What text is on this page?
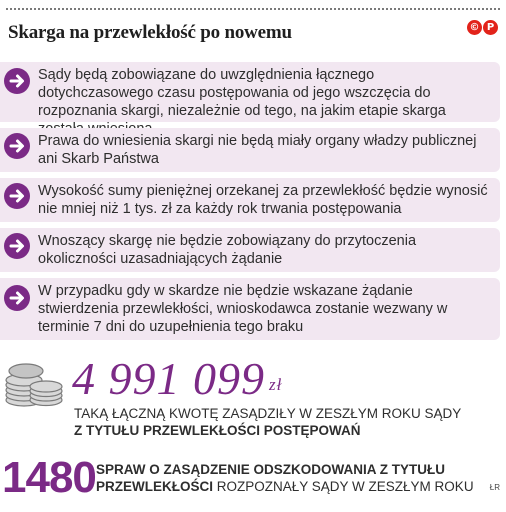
Skarga na przewlekłość po nowemu	© P
Sądy będą zobowiązane do uwzględnienia łącznego dotychczasowego czasu postępowania od jego wszczęcia do rozpoznania skargi, niezależnie od tego, na jakim etapie skarga
Prawa do wniesienia skargi nie będą miały organy władzy publicznej ani Skarb Państwa
Wysokość sumy pieniężnej orzekanej za przewlekłość będzie wynosić nie mniej niż 1 tys. zł za każdy rok trwania postępowania
Wnoszący skargę nie będzie zobowiązany do przytoczenia okoliczności uzasadniających żądanie
W przypadku gdy w skardze nie będzie wskazane żądanie stwierdzenia przewlekłości, wnioskodawca zostanie wezwany w terminie 7 dni do uzupełnienia tego braku
4 991 099 $^{zł}$
TAKĄ ŁĄCZNĄ KWOTĘ ZASĄDZIŁY W ZESZŁYM ROKU SĄDY
Z TYTUŁU PRZEWLEKŁOŚCI POSTĘPOWAŃ
1480 SPRAW O ZASĄDZENIE ODSZKODOWANIA Z TYTUŁU
PRZEWLEKŁOŚCI ROZPOZNAŁY SĄDY W ZESZŁYM ROKU ŁR
